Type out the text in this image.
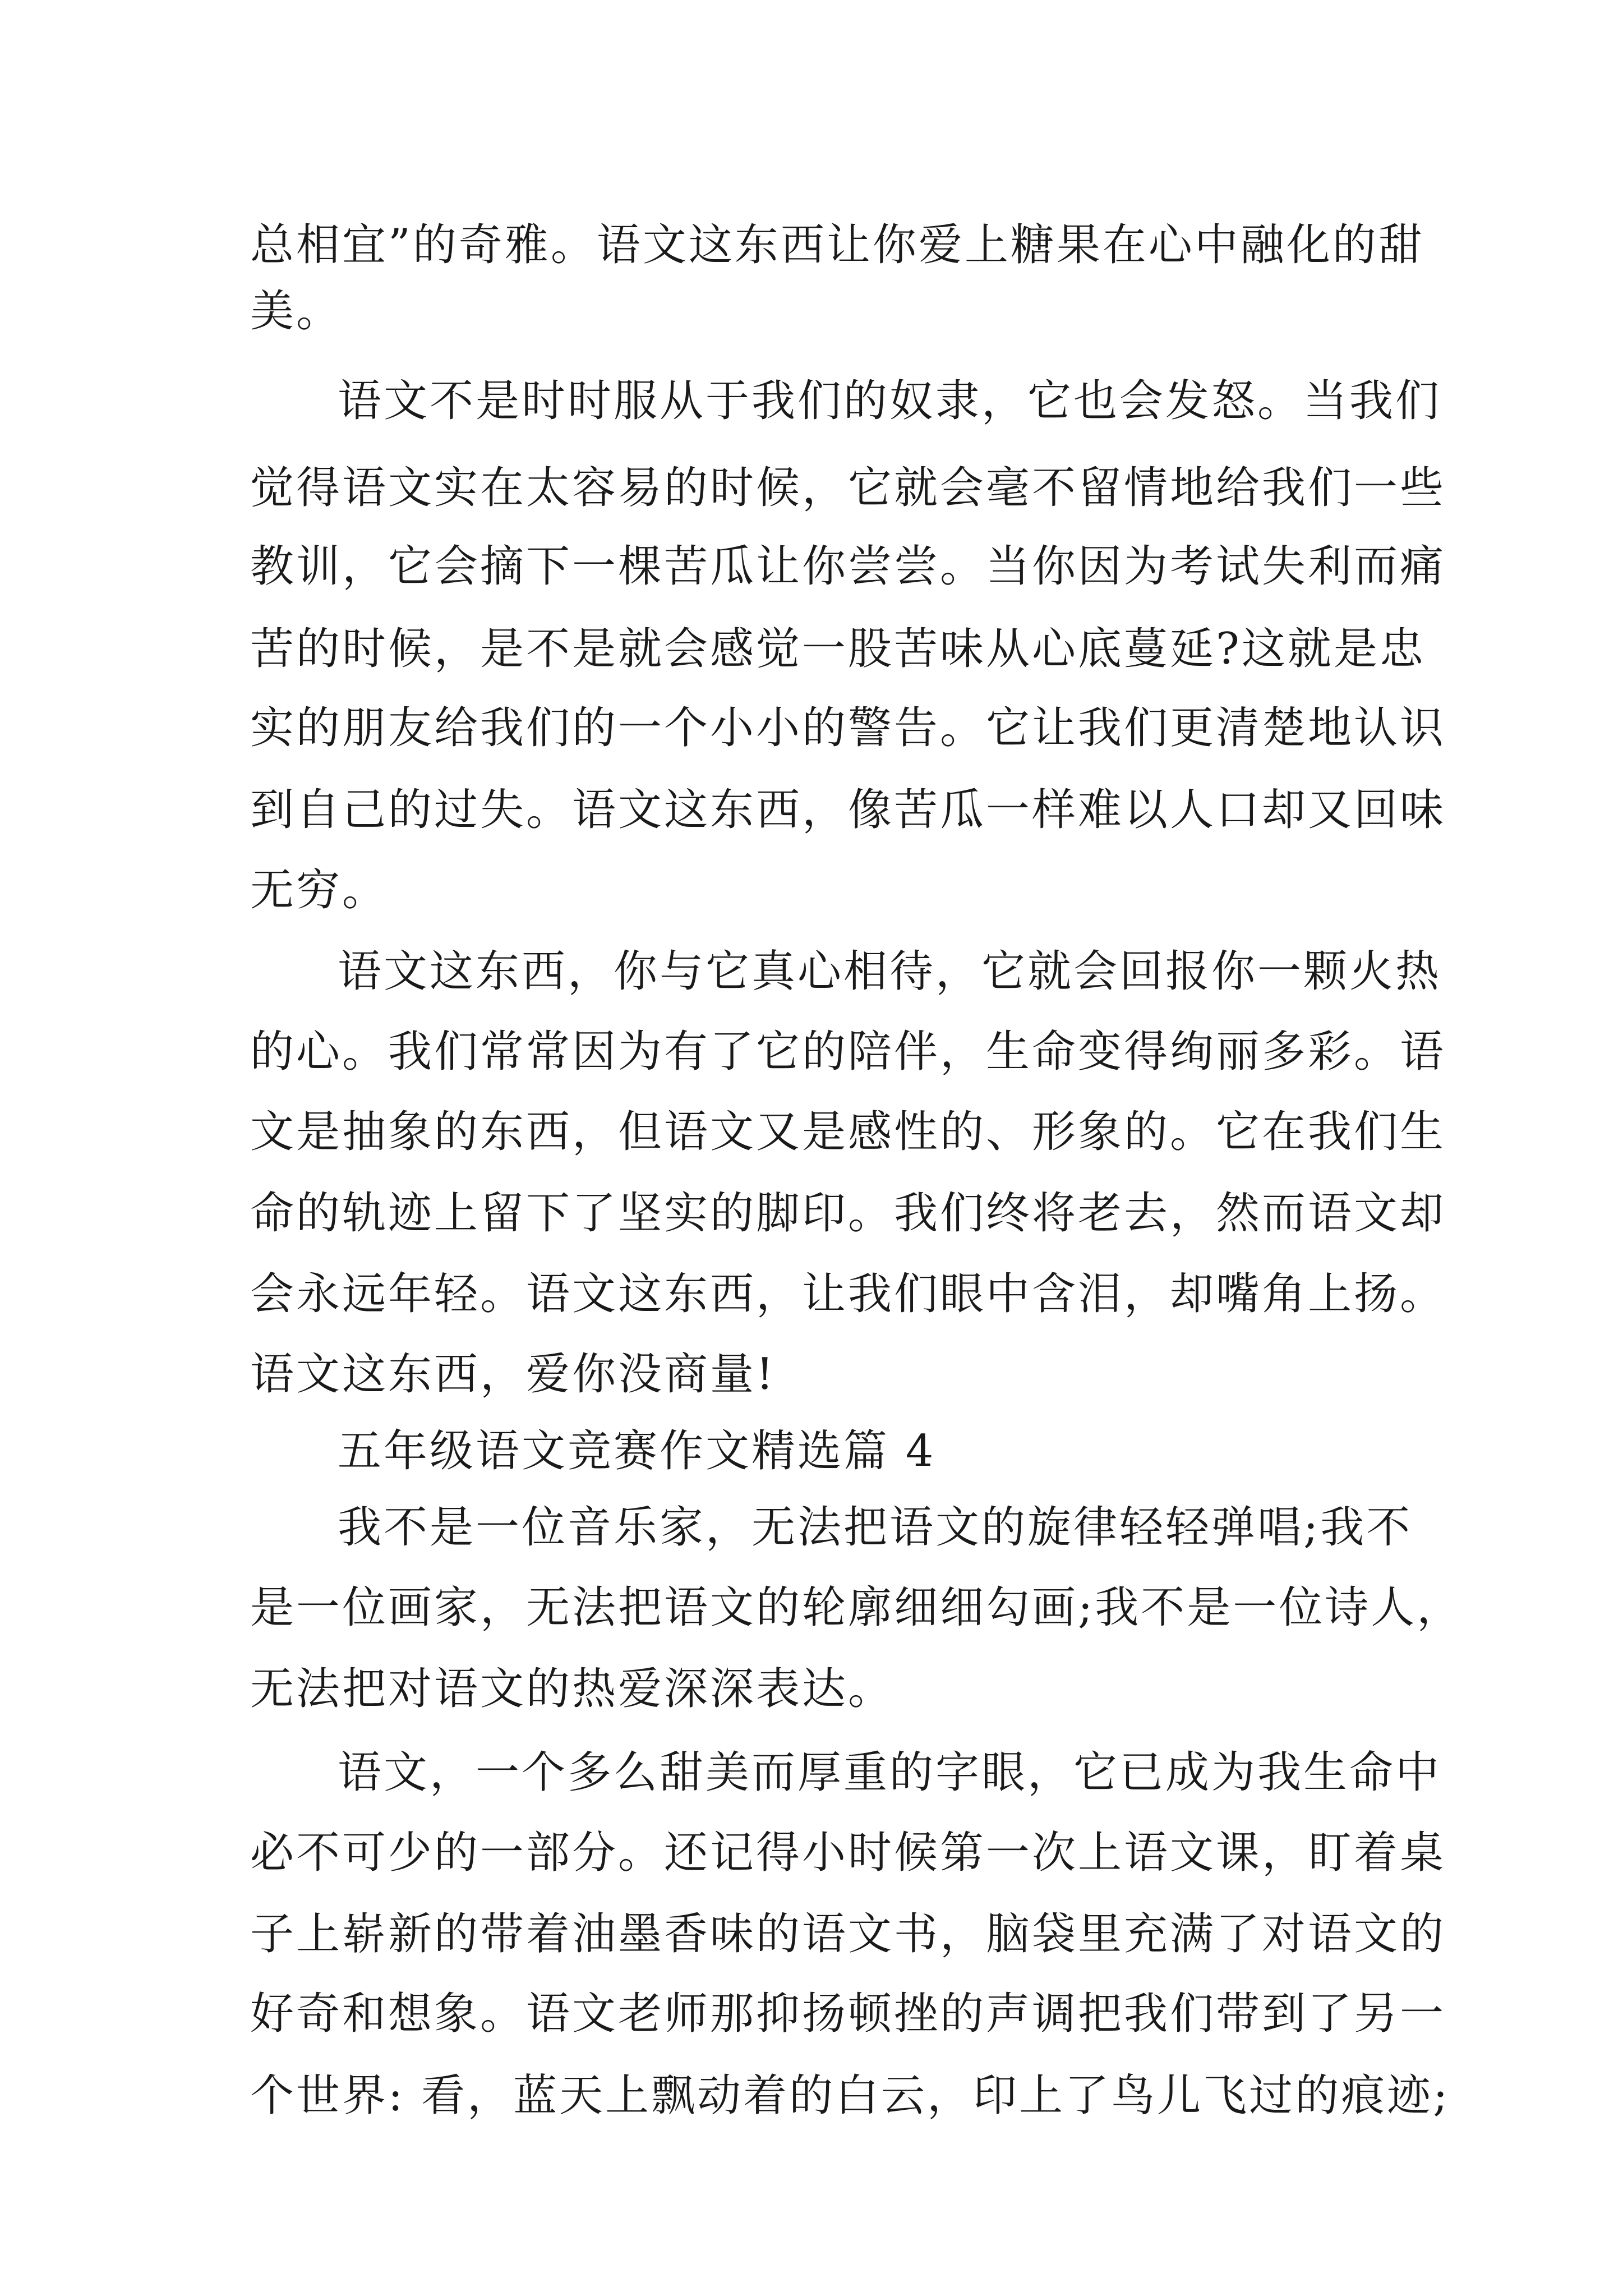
总相宜”的奇雅。语文这东西让你爱上糖果在心中融化的甜
美。
语文不是时时服从于我们的奴隶，它也会发怒。当我们
觉得语文实在太容易的时候，它就会毫不留情地给我们一些
教训，它会摘下一棵苦瓜让你尝尝。当你因为考试失利而痛
苦的时候，是不是就会感觉一股苦味从心底蔓延?这就是忠
实的朋友给我们的一个小小的警告。它让我们更清楚地认识
到自己的过失。语文这东西，像苦瓜一样难以人口却又回味
无穷。
语文这东西，你与它真心相待，它就会回报你一颗火热
的心。我们常常因为有了它的陪伴，生命变得绚丽多彩。语
文是抽象的东西，但语文又是感性的、形象的。它在我们生
命的轨迹上留下了坚实的脚印。我们终将老去，然而语文却
会永远年轻。语文这东西，让我们眼中含泪，却嘴角上扬。
语文这东西，爱你没商量!
五年级语文竞赛作文精选篇 4
我不是一位音乐家，无法把语文的旋律轻轻弹唱;我不
是一位画家，无法把语文的轮廓细细勾画;我不是一位诗人，
无法把对语文的热爱深深表达。
语文，一个多么甜美而厚重的字眼，它已成为我生命中
必不可少的一部分。还记得小时候第一次上语文课，盯着桌
子上崭新的带着油墨香味的语文书，脑袋里充满了对语文的
好奇和想象。语文老师那抑扬顿挫的声调把我们带到了另一
个世界: 看，蓝天上飘动着的白云，印上了鸟儿飞过的痕迹;
